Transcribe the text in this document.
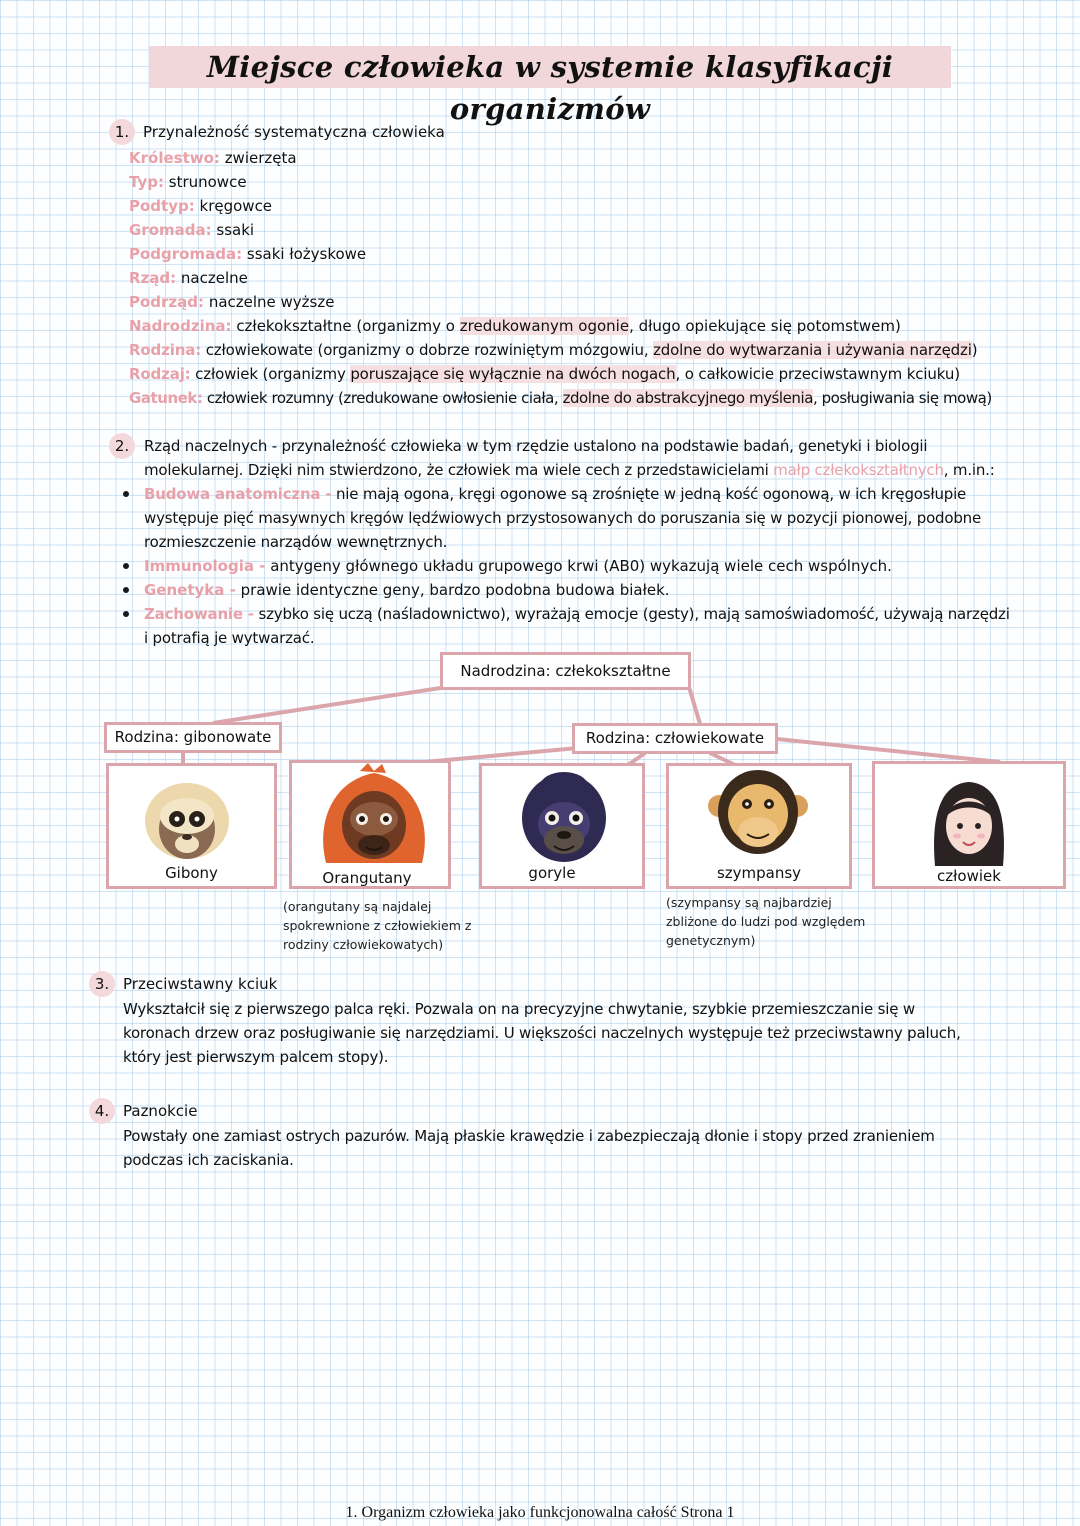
Miejsce człowieka w systemie klasyfikacji organizmów
1. Przynależność systematyczna człowieka
Królestwo: zwierzęta
Typ: strunowce
Podtyp: kręgowce
Gromada: ssaki
Podgromada: ssaki łożyskowe
Rząd: naczelne
Podrząd: naczelne wyższe
Nadrodzina: człekokształtne (organizmy o zredukowanym ogonie, długo opiekujące się potomstwem)
Rodzina: człowiekowate (organizmy o dobrze rozwiniętym mózgowiu, zdolne do wytwarzania i używania narzędzi)
Rodzaj: człowiek (organizmy poruszające się wyłącznie na dwóch nogach, o całkowicie przeciwstawnym kciuku)
Gatunek: człowiek rozumny (zredukowane owłosienie ciała, zdolne do abstrakcyjnego myślenia, posługiwania się mową)
2. Rząd naczelnych - przynależność człowieka w tym rzędzie ustalono na podstawie badań, genetyki i biologii
molekularnej. Dzięki nim stwierdzono, że człowiek ma wiele cech z przedstawicielami małp człekokształtnych, m.in.:
Budowa anatomiczna - nie mają ogona, kręgi ogonowe są zrośnięte w jedną kość ogonową, w ich kręgosłupie
występuje pięć masywnych kręgów lędźwiowych przystosowanych do poruszania się w pozycji pionowej, podobne
rozmieszczenie narządów wewnętrznych.
Immunologia - antygeny głównego układu grupowego krwi (AB0) wykazują wiele cech wspólnych.
Genetyka - prawie identyczne geny, bardzo podobna budowa białek.
Zachowanie - szybko się uczą (naśladownictwo), wyrażają emocje (gesty), mają samoświadomość, używają narzędzi
i potrafią je wytwarzać.
Nadrodzina: człekokształtne
Rodzina: gibonowate	Rodzina: człowiekowate
Gibony	Orangutany	goryle	szympansy	człowiek
(orangutany są najdalej
spokrewnione z człowiekiem z
rodziny człowiekowatych)
(szympansy są najbardziej
zbliżone do ludzi pod względem
genetycznym)
3. Przeciwstawny kciuk
Wykształcił się z pierwszego palca ręki. Pozwala on na precyzyjne chwytanie, szybkie przemieszczanie się w
koronach drzew oraz posługiwanie się narzędziami. U większości naczelnych występuje też przeciwstawny paluch,
który jest pierwszym palcem stopy).
4. Paznokcie
Powstały one zamiast ostrych pazurów. Mają płaskie krawędzie i zabezpieczają dłonie i stopy przed zranieniem
podczas ich zaciskania.
1. Organizm człowieka jako funkcjonowalna całość Strona 1
